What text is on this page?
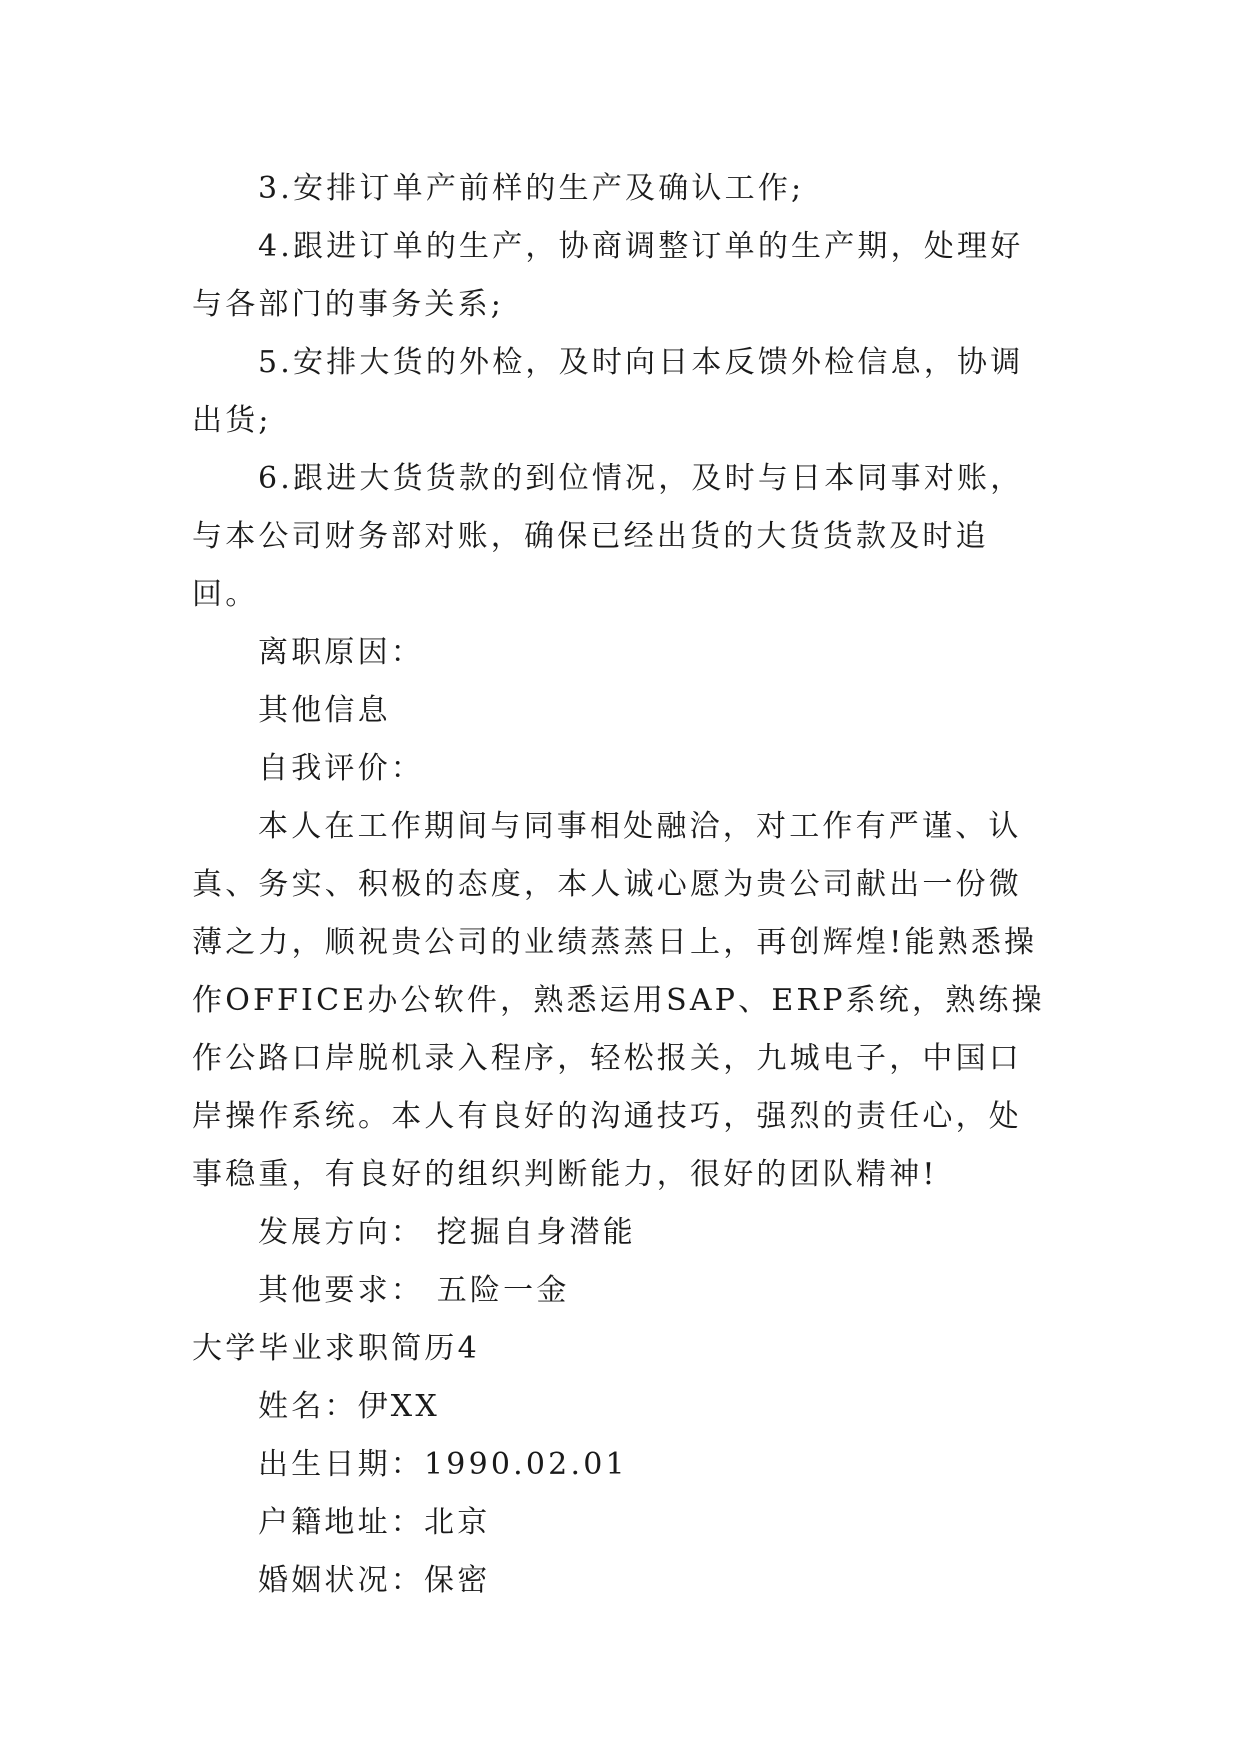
3.安排订单产前样的生产及确认工作;

4.跟进订单的生产，协商调整订单的生产期，处理好与各部门的事务关系;

5.安排大货的外检，及时向日本反馈外检信息，协调出货;

6.跟进大货货款的到位情况，及时与日本同事对账，与本公司财务部对账，确保已经出货的大货货款及时追回。

离职原因：

其他信息

自我评价：

本人在工作期间与同事相处融洽，对工作有严谨、认真、务实、积极的态度，本人诚心愿为贵公司献出一份微薄之力，顺祝贵公司的业绩蒸蒸日上，再创辉煌!能熟悉操作OFFICE办公软件，熟悉运用SAP、ERP系统，熟练操作公路口岸脱机录入程序，轻松报关，九城电子，中国口岸操作系统。本人有良好的沟通技巧，强烈的责任心，处事稳重，有良好的组织判断能力，很好的团队精神!

发展方向： 挖掘自身潜能

其他要求： 五险一金

大学毕业求职简历4

姓名：伊XX

出生日期：1990.02.01

户籍地址：北京

婚姻状况：保密
